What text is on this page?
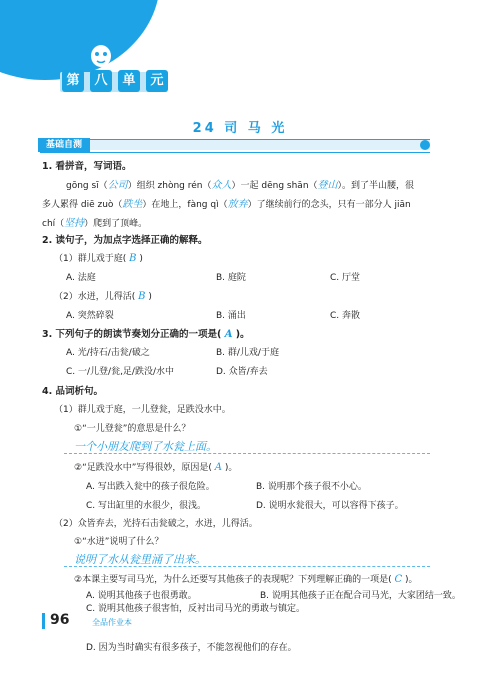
第	八	单	元
24 司 马 光
基础自测
1. 看拼音，写词语。
gōng sī（公司）组织 zhòng rén（众人）一起 dēng shān（登山）。到了半山腰，很
多人累得 diē zuò（跌坐）在地上，fàng qì（放弃）了继续前行的念头，只有一部分人 jiān
chí（坚持）爬到了顶峰。
2. 读句子，为加点字选择正确的解释。
（1）群儿戏于庭( B )
A. 法庭	B. 庭院	C. 厅堂
（2）水迸，儿得活( B )
A. 突然碎裂	B. 涌出	C. 奔散
3. 下列句子的朗读节奏划分正确的一项是( A )。
A. 光/持石/击瓮/破之	B. 群/儿戏/于庭
C. 一/儿登/瓮,足/跌没/水中	D. 众皆/弃去
4. 品词析句。
（1）群儿戏于庭，一儿登瓮，足跌没水中。
①“一儿登瓮”的意思是什么？
一个小朋友爬到了水瓮上面。
②“足跌没水中”写得很妙，原因是( A )。
A. 写出跌入瓮中的孩子很危险。	B. 说明那个孩子很不小心。
C. 写出缸里的水很少，很浅。	D. 说明水瓮很大，可以容得下孩子。
（2）众皆弃去，光持石击瓮破之，水迸，儿得活。
①“水迸”说明了什么？
说明了水从瓮里涌了出来。
②本课主要写司马光，为什么还要写其他孩子的表现呢？下列理解正确的一项是( C )。
A. 说明其他孩子也很勇敢。	B. 说明其他孩子正在配合司马光，大家团结一致。
C. 说明其他孩子很害怕，反衬出司马光的勇敢与镇定。
D. 因为当时确实有很多孩子，不能忽视他们的存在。
96	全品作业本
